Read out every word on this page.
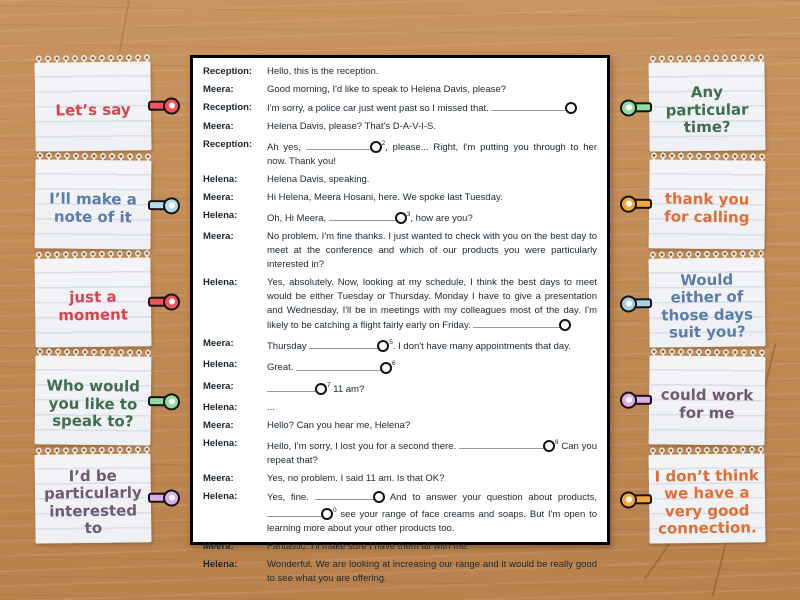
Let’s say
I’ll make a note of it
just a moment
Who would you like to speak to?
I’d be particularly interested to
Reception:	Hello, this is the reception.
Meera:	Good morning, I'd like to speak to Helena Davis, please?
Reception:	I'm sorry, a police car just went past so I missed that.
Meera:	Helena Davis, please? That's D-A-V-I-S.
Reception:	Ah yes,	$^2$, please... Right, I'm putting you through to her now. Thank you!
Helena:	Helena Davis, speaking.
Meera:	Hi Helena, Meera Hosani, here. We spoke last Tuesday.
Helena:	Oh, Hi Meera,	$^3$, how are you?
Meera:	No problem. I'm fine thanks. I just wanted to check with you on the best day to meet at the conference and which of our products you were particularly interested in?
Helena:	Yes, absolutely. Now, looking at my schedule, I think the best days to meet would be either Tuesday or Thursday. Monday I have to give a presentation and Wednesday, I'll be in meetings with my colleagues most of the day. I'm likely to be catching a flight fairly early on Friday.
Meera:	Thursday	$^5$. I don't have many appointments that day.
Helena:	Great.	$^6$
Meera:	$^7$ 11 am?
Helena:	...
Meera:	Hello? Can you hear me, Helena?
Helena:	Hello, I'm sorry, I lost you for a second there.	$^8$ Can you repeat that?
Meera:	Yes, no problem. I said 11 am. Is that OK?
Helena:	Yes, fine.	And to answer your question about products, $^0$ see your range of face creams and soaps. But I'm open to learning more about your other products too.
Meera:	Fantastic. I'll make sure I have them all with me.
Helena:	Wonderful. We are looking at increasing our range and it would be really good to see what you are offering.
Any particular time?
thank you for calling
Would either of those days suit you?
could work for me
I don’t think we have a very good connection.
